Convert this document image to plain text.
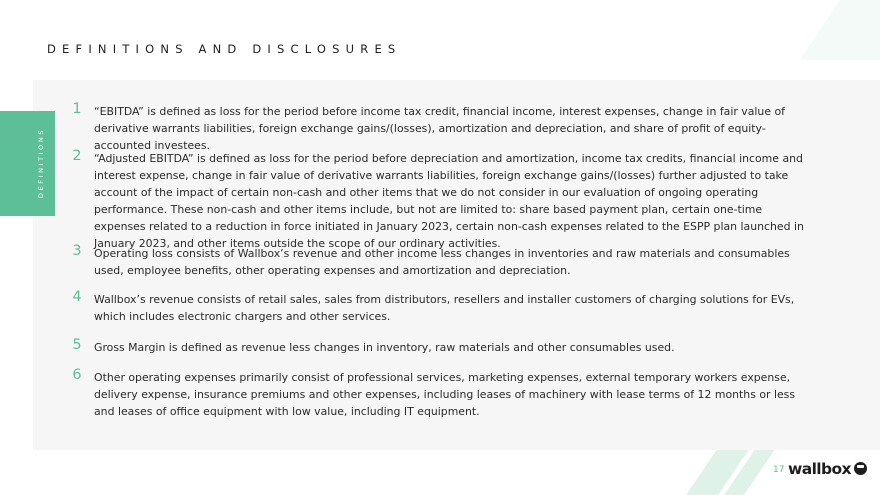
DEFINITIONS AND DISCLOSURES
DEFINITIONS
1 “EBITDA” is defined as loss for the period before income tax credit, financial income, interest expenses, change in fair value of derivative warrants liabilities, foreign exchange gains/(losses), amortization and depreciation, and share of profit of equity-accounted investees.
2 “Adjusted EBITDA” is defined as loss for the period before depreciation and amortization, income tax credits, financial income and interest expense, change in fair value of derivative warrants liabilities, foreign exchange gains/(losses) further adjusted to take account of the impact of certain non-cash and other items that we do not consider in our evaluation of ongoing operating performance. These non-cash and other items include, but not are limited to: share based payment plan, certain one-time expenses related to a reduction in force initiated in January 2023, certain non-cash expenses related to the ESPP plan launched in January 2023, and other items outside the scope of our ordinary activities.
3 Operating loss consists of Wallbox’s revenue and other income less changes in inventories and raw materials and consumables used, employee benefits, other operating expenses and amortization and depreciation.
4 Wallbox’s revenue consists of retail sales, sales from distributors, resellers and installer customers of charging solutions for EVs, which includes electronic chargers and other services.
5 Gross Margin is defined as revenue less changes in inventory, raw materials and other consumables used.
6 Other operating expenses primarily consist of professional services, marketing expenses, external temporary workers expense, delivery expense, insurance premiums and other expenses, including leases of machinery with lease terms of 12 months or less and leases of office equipment with low value, including IT equipment.
17 wallbox
